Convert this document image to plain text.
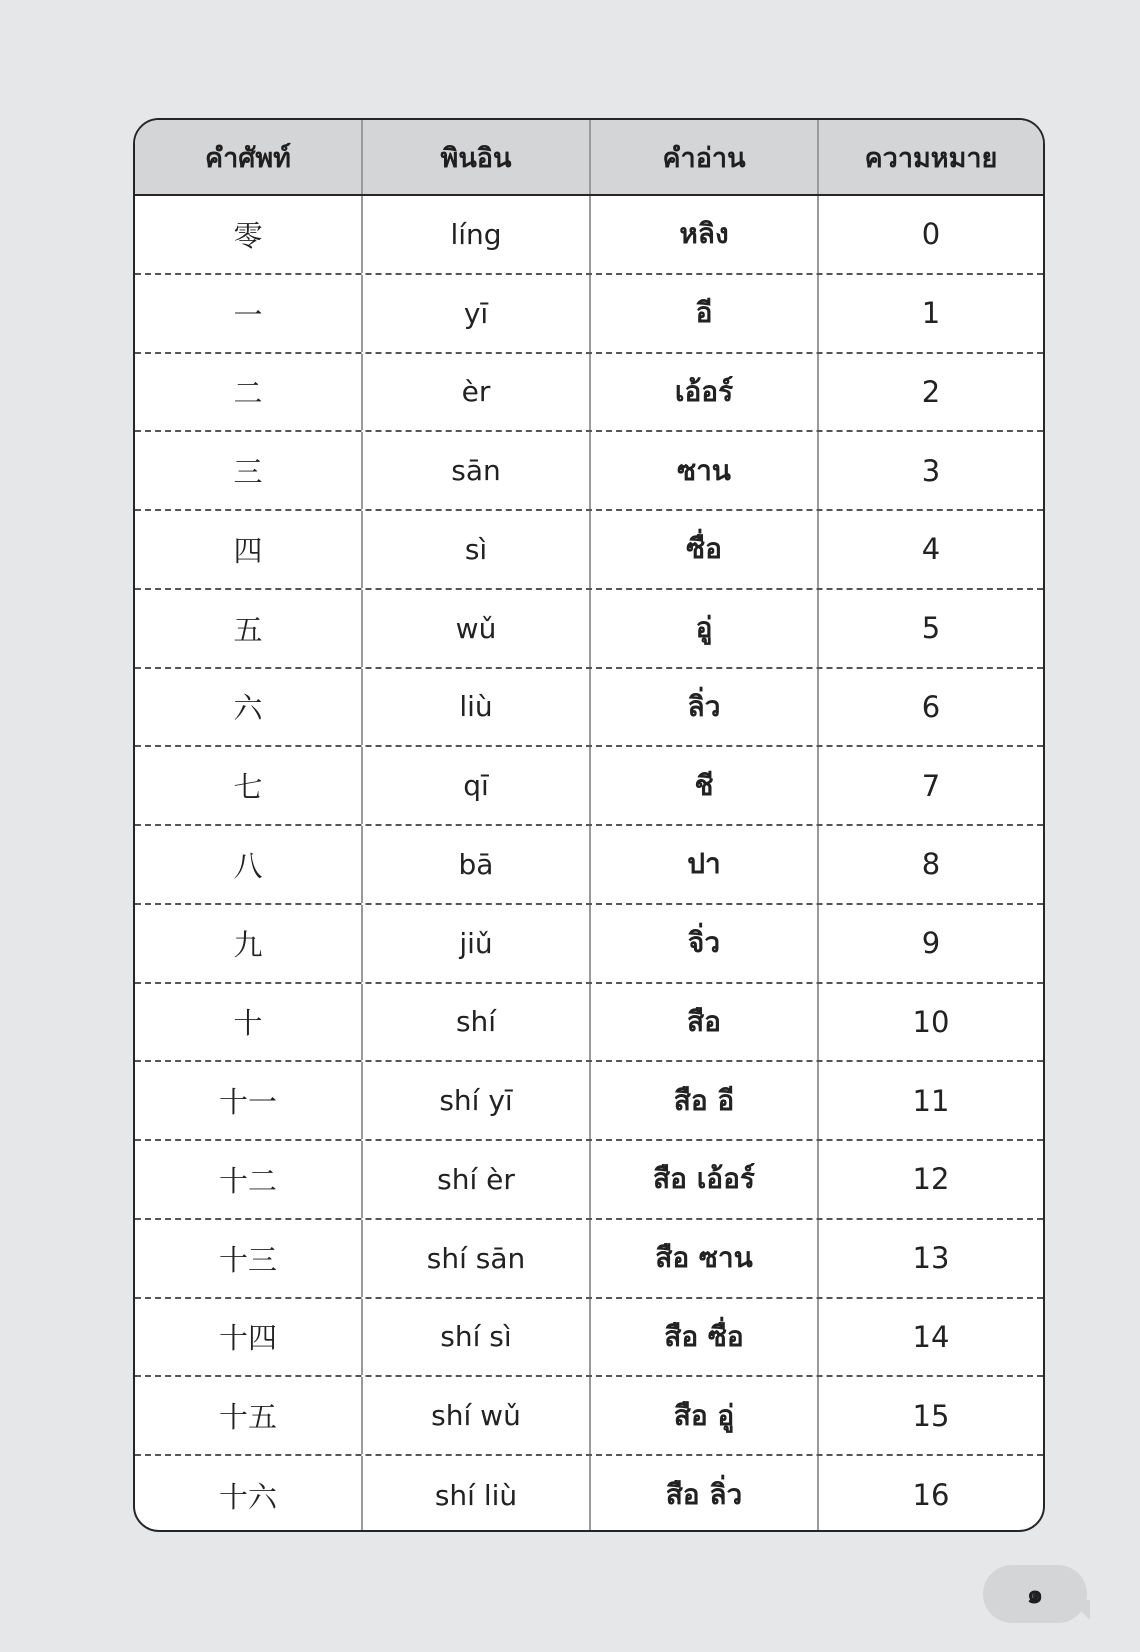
คำศัพท์	พินอิน	คำอ่าน	ความหมาย
零	líng	หลิง	0
一	yī	อี	1
二	èr	เอ้อร์	2
三	sān	ซาน	3
四	sì	ซื่อ	4
五	wǔ	อู่	5
六	liù	ลิ่ว	6
七	qī	ชี	7
八	bā	ปา	8
九	jiǔ	จิ่ว	9
十	shí	สือ	10
十一	shí yī	สือ อี	11
十二	shí èr	สือ เอ้อร์	12
十三	shí sān	สือ ซาน	13
十四	shí sì	สือ ซื่อ	14
十五	shí wǔ	สือ อู่	15
十六	shí liù	สือ ลิ่ว	16
๑
